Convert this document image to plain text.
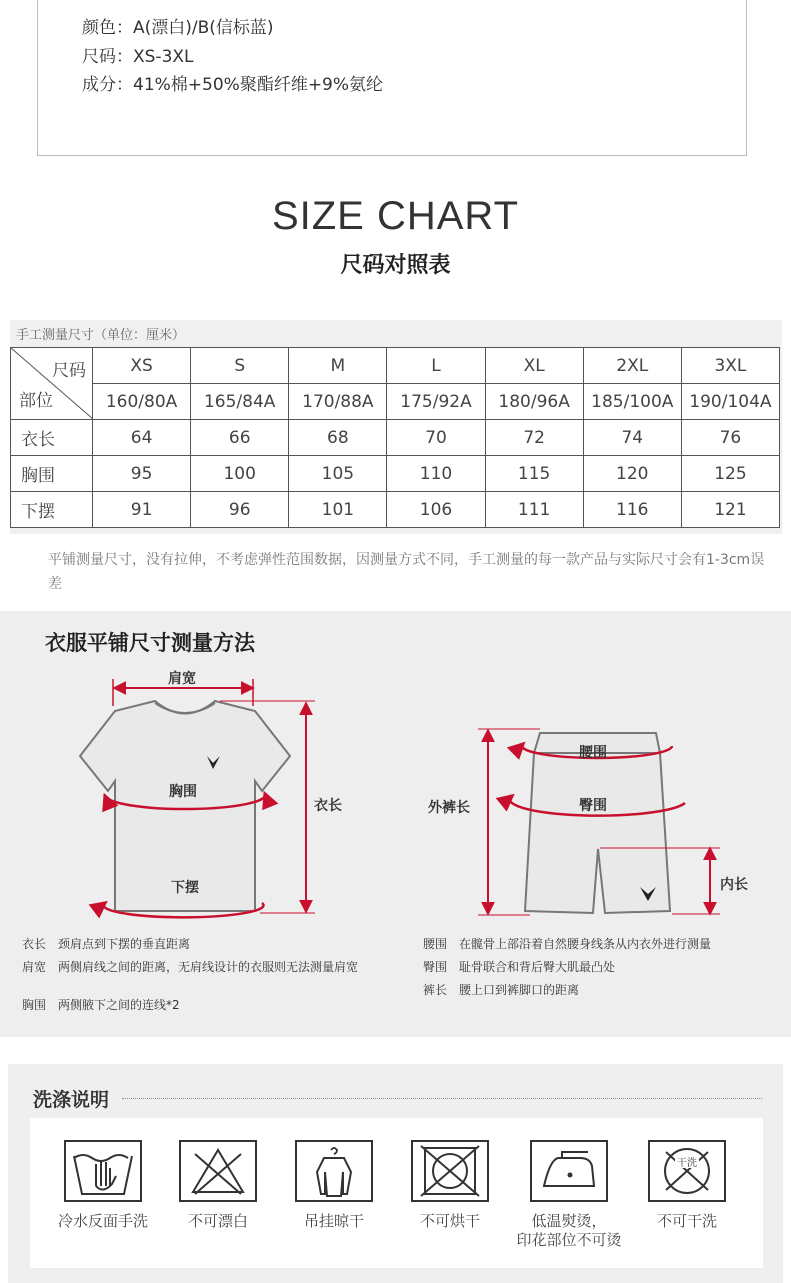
颜色：A(漂白)/B(信标蓝)
尺码：XS-3XL
成分：41%棉+50%聚酯纤维+9%氨纶
SIZE CHART
尺码对照表
手工测量尺寸（单位：厘米）
尺码
部位	XS	S	M	L	XL	2XL	3XL
	160/80A	165/84A	170/88A	175/92A	180/96A	185/100A	190/104A
衣长	64	66	68	70	72	74	76
胸围	95	100	105	110	115	120	125
下摆	91	96	101	106	111	116	121
平铺测量尺寸，没有拉伸，不考虑弹性范围数据，因测量方式不同，手工测量的每一款产品与实际尺寸会有1-3cm误差
衣服平铺尺寸测量方法
肩宽
胸围
下摆
衣长
腰围
臀围
外裤长
内长
衣长 颈肩点到下摆的垂直距离
肩宽 两侧肩线之间的距离，无肩线设计的衣服则无法测量肩宽
胸围 两侧腋下之间的连线*2
腰围 在髋骨上部沿着自然腰身线条从内衣外进行测量
臀围 耻骨联合和背后臀大肌最凸处
裤长 腰上口到裤脚口的距离
洗涤说明
冷水反面手洗	不可漂白	吊挂晾干	不可烘干	低温熨烫，
印花部位不可烫
干洗
不可干洗
